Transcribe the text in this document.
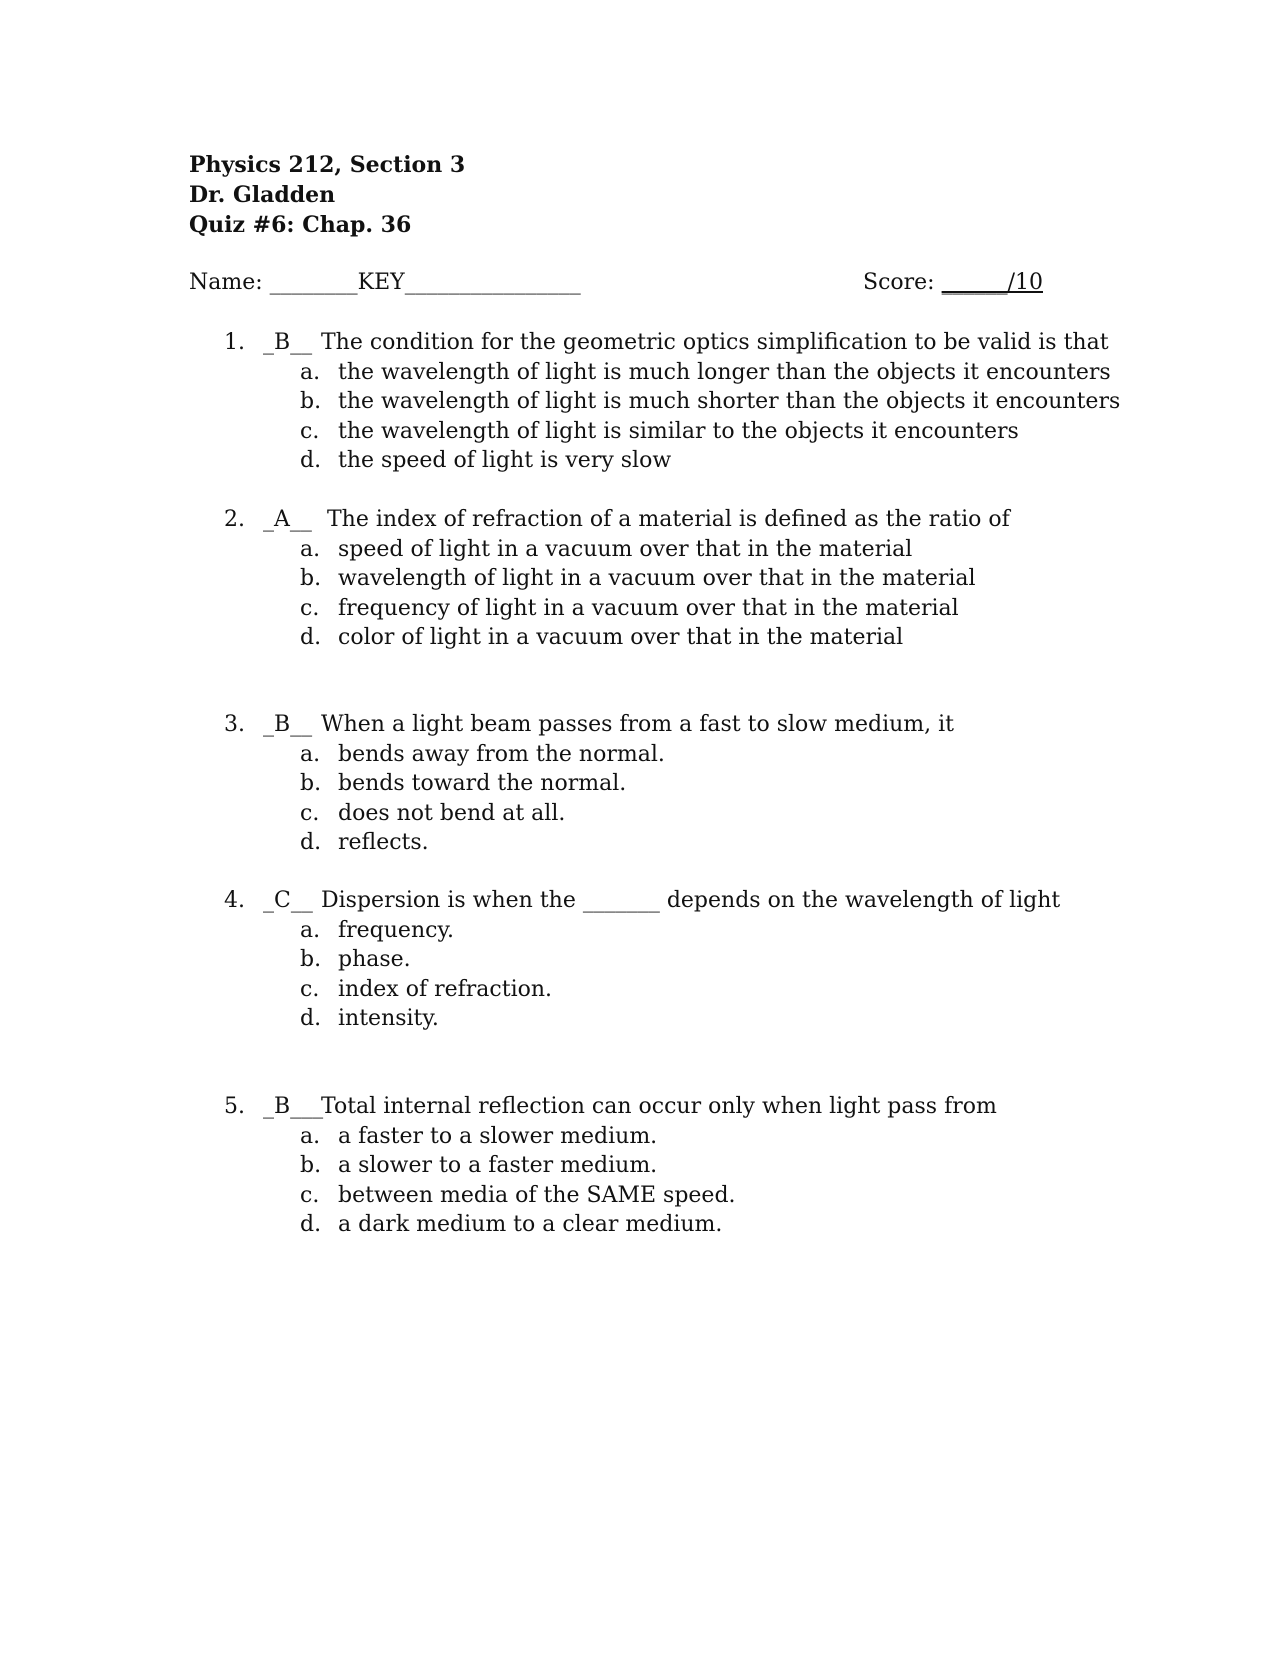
Physics 212, Section 3
Dr. Gladden
Quiz #6: Chap. 36
Name: ________KEY________________	Score: ______/10
1. _B__ The condition for the geometric optics simplification to be valid is that
a. the wavelength of light is much longer than the objects it encounters
b. the wavelength of light is much shorter than the objects it encounters
c. the wavelength of light is similar to the objects it encounters
d. the speed of light is very slow
2. _A__ The index of refraction of a material is defined as the ratio of
a. speed of light in a vacuum over that in the material
b. wavelength of light in a vacuum over that in the material
c. frequency of light in a vacuum over that in the material
d. color of light in a vacuum over that in the material
3. _B__ When a light beam passes from a fast to slow medium, it
a. bends away from the normal.
b. bends toward the normal.
c. does not bend at all.
d. reflects.
4. _C__ Dispersion is when the _______ depends on the wavelength of light
a. frequency.
b. phase.
c. index of refraction.
d. intensity.
5. _B___
Total internal reflection can occur only when light pass from
a. a faster to a slower medium.
b. a slower to a faster medium.
c. between media of the SAME speed.
d. a dark medium to a clear medium.
